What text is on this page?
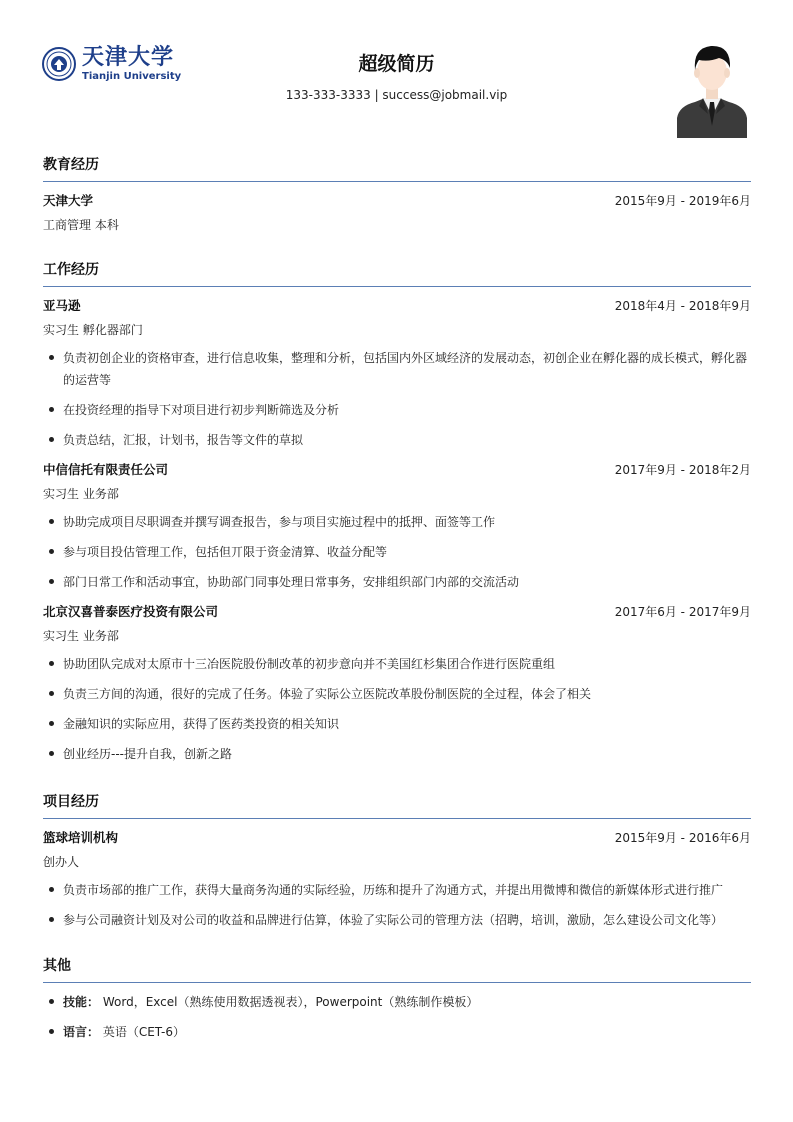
天津大学
Tianjin University
超级简历
133-333-3333 | success@jobmail.vip
教育经历
天津大学	2015年9月 - 2019年6月
工商管理 本科
工作经历
亚马逊	2018年4月 - 2018年9月
实习生 孵化器部门
负责初创企业的资格审查，进行信息收集，整理和分析，包括国内外区域经济的发展动态，初创企业在孵化器的成长模式，孵化器的运营等
在投资经理的指导下对项目进行初步判断筛选及分析
负责总结，汇报，计划书，报告等文件的草拟
中信信托有限责任公司	2017年9月 - 2018年2月
实习生 业务部
协助完成项目尽职调查并撰写调查报告，参与项目实施过程中的抵押、面签等工作
参与项目投估管理工作，包括但丌限于资金清算、收益分配等
部门日常工作和活动事宜，协助部门同事处理日常事务，安排组织部门内部的交流活动
北京汉喜普泰医疗投资有限公司	2017年6月 - 2017年9月
实习生 业务部
协助团队完成对太原市十三冶医院股份制改革的初步意向并不美国红杉集团合作进行医院重组
负责三方间的沟通，很好的完成了任务。体验了实际公立医院改革股份制医院的全过程，体会了相关
金融知识的实际应用，获得了医药类投资的相关知识
创业经历---提升自我，创新之路
项目经历
篮球培训机构	2015年9月 - 2016年6月
创办人
负责市场部的推广工作，获得大量商务沟通的实际经验，历练和提升了沟通方式，并提出用微博和微信的新媒体形式进行推广
参与公司融资计划及对公司的收益和品牌进行估算，体验了实际公司的管理方法（招聘，培训，激励，怎么建设公司文化等）
其他
技能： Word，Excel（熟练使用数据透视表），Powerpoint（熟练制作模板）
语言： 英语（CET-6）
